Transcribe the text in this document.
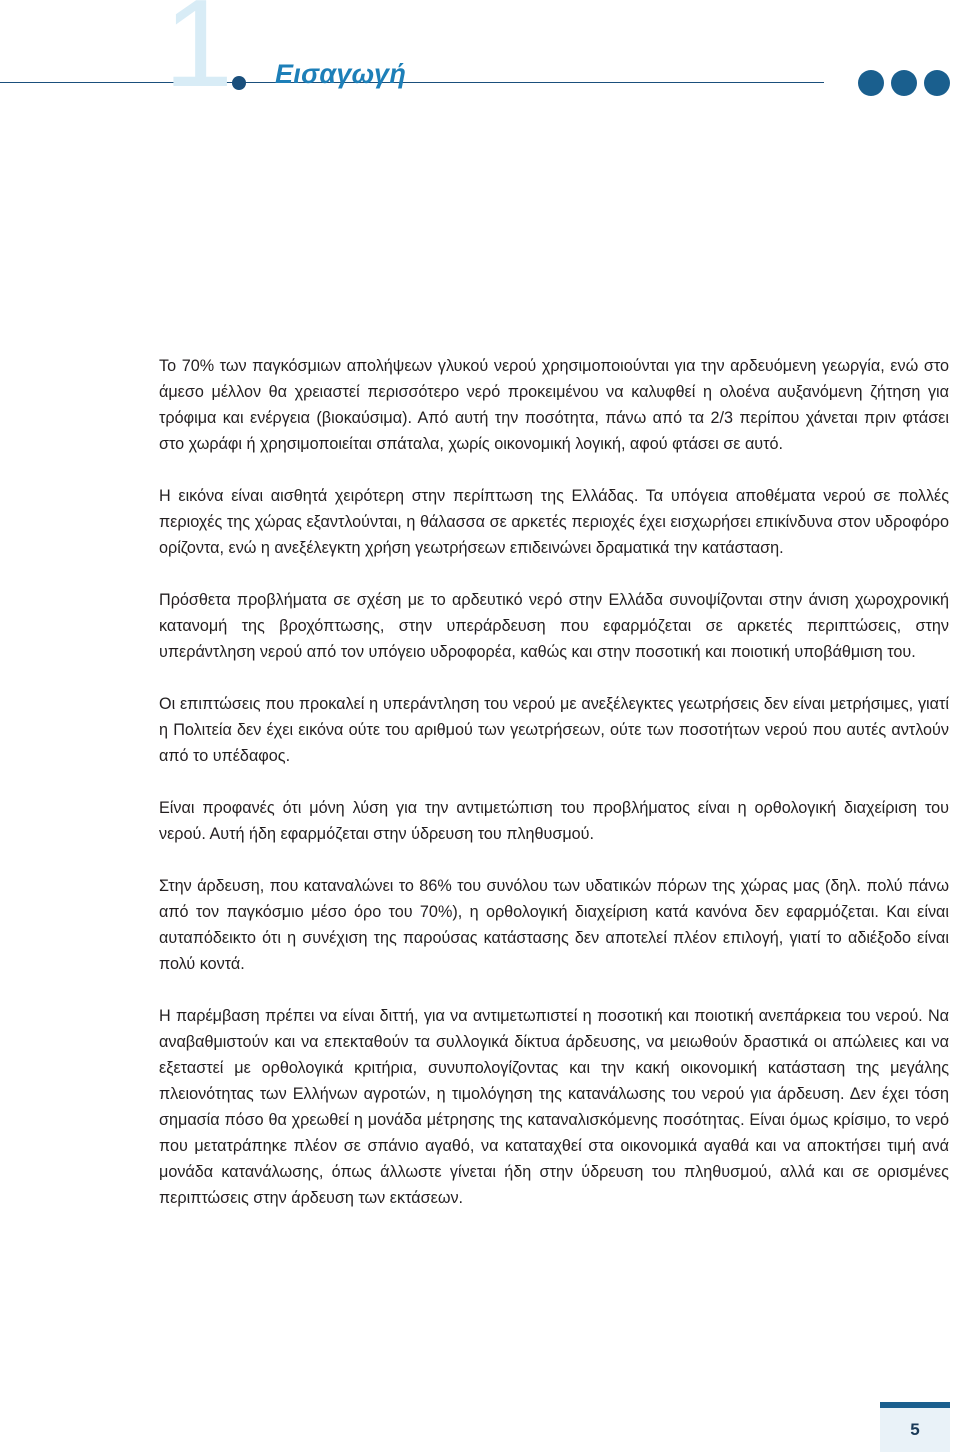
1 Εισαγωγή

Το 70% των παγκόσμιων απολήψεων γλυκού νερού χρησιμοποιούνται για την αρδευόμενη γεωργία, ενώ στο άμεσο μέλλον θα χρειαστεί περισσότερο νερό προκειμένου να καλυφθεί η ολοένα αυξανόμενη ζήτηση για τρόφιμα και ενέργεια (βιοκαύσιμα). Από αυτή την ποσότητα, πάνω από τα 2/3 περίπου χάνεται πριν φτάσει στο χωράφι ή χρησιμοποιείται σπάταλα, χωρίς οικονομική λογική, αφού φτάσει σε αυτό.

Η εικόνα είναι αισθητά χειρότερη στην περίπτωση της Ελλάδας. Τα υπόγεια αποθέματα νερού σε πολλές περιοχές της χώρας εξαντλούνται, η θάλασσα σε αρκετές περιοχές έχει εισχωρήσει επικίνδυνα στον υδροφόρο ορίζοντα, ενώ η ανεξέλεγκτη χρήση γεωτρήσεων επιδεινώνει δραματικά την κατάσταση.

Πρόσθετα προβλήματα σε σχέση με το αρδευτικό νερό στην Ελλάδα συνοψίζονται στην άνιση χωροχρονική κατανομή της βροχόπτωσης, στην υπεράρδευση που εφαρμόζεται σε αρκετές περιπτώσεις, στην υπεράντληση νερού από τον υπόγειο υδροφορέα, καθώς και στην ποσοτική και ποιοτική υποβάθμιση του.

Οι επιπτώσεις που προκαλεί η υπεράντληση του νερού με ανεξέλεγκτες γεωτρήσεις δεν είναι μετρήσιμες, γιατί η Πολιτεία δεν έχει εικόνα ούτε του αριθμού των γεωτρήσεων, ούτε των ποσοτήτων νερού που αυτές αντλούν από το υπέδαφος.

Είναι προφανές ότι μόνη λύση για την αντιμετώπιση του προβλήματος είναι η ορθολογική διαχείριση του νερού. Αυτή ήδη εφαρμόζεται στην ύδρευση του πληθυσμού.

Στην άρδευση, που καταναλώνει το 86% του συνόλου των υδατικών πόρων της χώρας μας (δηλ. πολύ πάνω από τον παγκόσμιο μέσο όρο του 70%), η ορθολογική διαχείριση κατά κανόνα δεν εφαρμόζεται. Και είναι αυταπόδεικτο ότι η συνέχιση της παρούσας κατάστασης δεν αποτελεί πλέον επιλογή, γιατί το αδιέξοδο είναι πολύ κοντά.

Η παρέμβαση πρέπει να είναι διττή, για να αντιμετωπιστεί η ποσοτική και ποιοτική ανεπάρκεια του νερού. Να αναβαθμιστούν και να επεκταθούν τα συλλογικά δίκτυα άρδευσης, να μειωθούν δραστικά οι απώλειες και να εξεταστεί με ορθολογικά κριτήρια, συνυπολογίζοντας και την κακή οικονομική κατάσταση της μεγάλης πλειονότητας των Ελλήνων αγροτών, η τιμολόγηση της κατανάλωσης του νερού για άρδευση. Δεν έχει τόση σημασία πόσο θα χρεωθεί η μονάδα μέτρησης της καταναλισκόμενης ποσότητας. Είναι όμως κρίσιμο, το νερό που μετατράπηκε πλέον σε σπάνιο αγαθό, να καταταχθεί στα οικονομικά αγαθά και να αποκτήσει τιμή ανά μονάδα κατανάλωσης, όπως άλλωστε γίνεται ήδη στην ύδρευση του πληθυσμού, αλλά και σε ορισμένες περιπτώσεις στην άρδευση των εκτάσεων.

5
